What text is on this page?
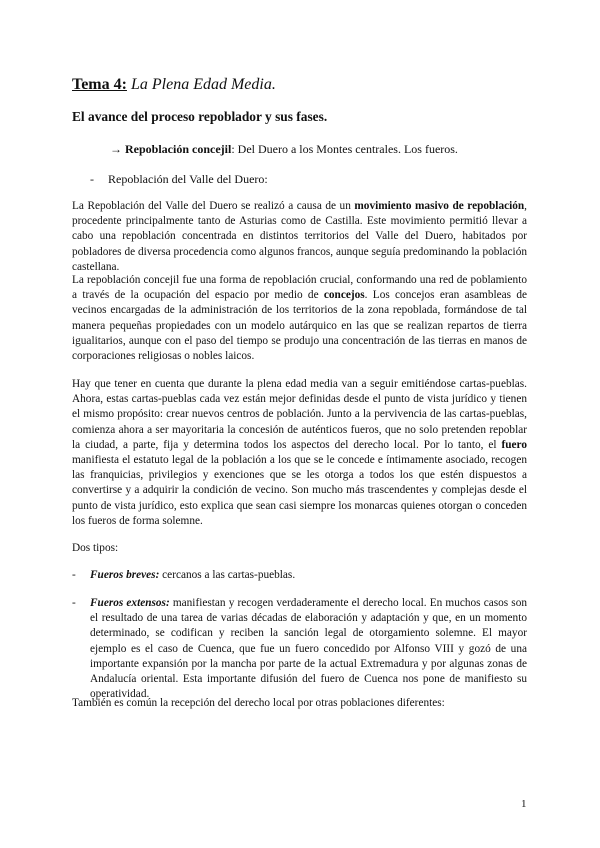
Tema 4: La Plena Edad Media.
El avance del proceso repoblador y sus fases.
→ Repoblación concejil: Del Duero a los Montes centrales. Los fueros.
- Repoblación del Valle del Duero:

La Repoblación del Valle del Duero se realizó a causa de un movimiento masivo de repoblación, procedente principalmente tanto de Asturias como de Castilla. Este movimiento permitió llevar a cabo una repoblación concentrada en distintos territorios del Valle del Duero, habitados por pobladores de diversa procedencia como algunos francos, aunque seguía predominando la población castellana.

La repoblación concejil fue una forma de repoblación crucial, conformando una red de poblamiento a través de la ocupación del espacio por medio de concejos. Los concejos eran asambleas de vecinos encargadas de la administración de los territorios de la zona repoblada, formándose de tal manera pequeñas propiedades con un modelo autárquico en las que se realizan repartos de tierra igualitarios, aunque con el paso del tiempo se produjo una concentración de las tierras en manos de corporaciones religiosas o nobles laicos.

Hay que tener en cuenta que durante la plena edad media van a seguir emitiéndose cartas-pueblas. Ahora, estas cartas-pueblas cada vez están mejor definidas desde el punto de vista jurídico y tienen el mismo propósito: crear nuevos centros de población. Junto a la pervivencia de las cartas-pueblas, comienza ahora a ser mayoritaria la concesión de auténticos fueros, que no solo pretenden repoblar la ciudad, a parte, fija y determina todos los aspectos del derecho local. Por lo tanto, el fuero manifiesta el estatuto legal de la población a los que se le concede e íntimamente asociado, recogen las franquicias, privilegios y exenciones que se les otorga a todos los que estén dispuestos a convertirse y a adquirir la condición de vecino. Son mucho más trascendentes y complejas desde el punto de vista jurídico, esto explica que sean casi siempre los monarcas quienes otorgan o conceden los fueros de forma solemne.

Dos tipos:

- Fueros breves: cercanos a las cartas-pueblas.
- Fueros extensos: manifiestan y recogen verdaderamente el derecho local. En muchos casos son el resultado de una tarea de varias décadas de elaboración y adaptación y que, en un momento determinado, se codifican y reciben la sanción legal de otorgamiento solemne. El mayor ejemplo es el caso de Cuenca, que fue un fuero concedido por Alfonso VIII y gozó de una importante expansión por la mancha por parte de la actual Extremadura y por algunas zonas de Andalucía oriental. Esta importante difusión del fuero de Cuenca nos pone de manifiesto su operatividad.

También es común la recepción del derecho local por otras poblaciones diferentes:

1
